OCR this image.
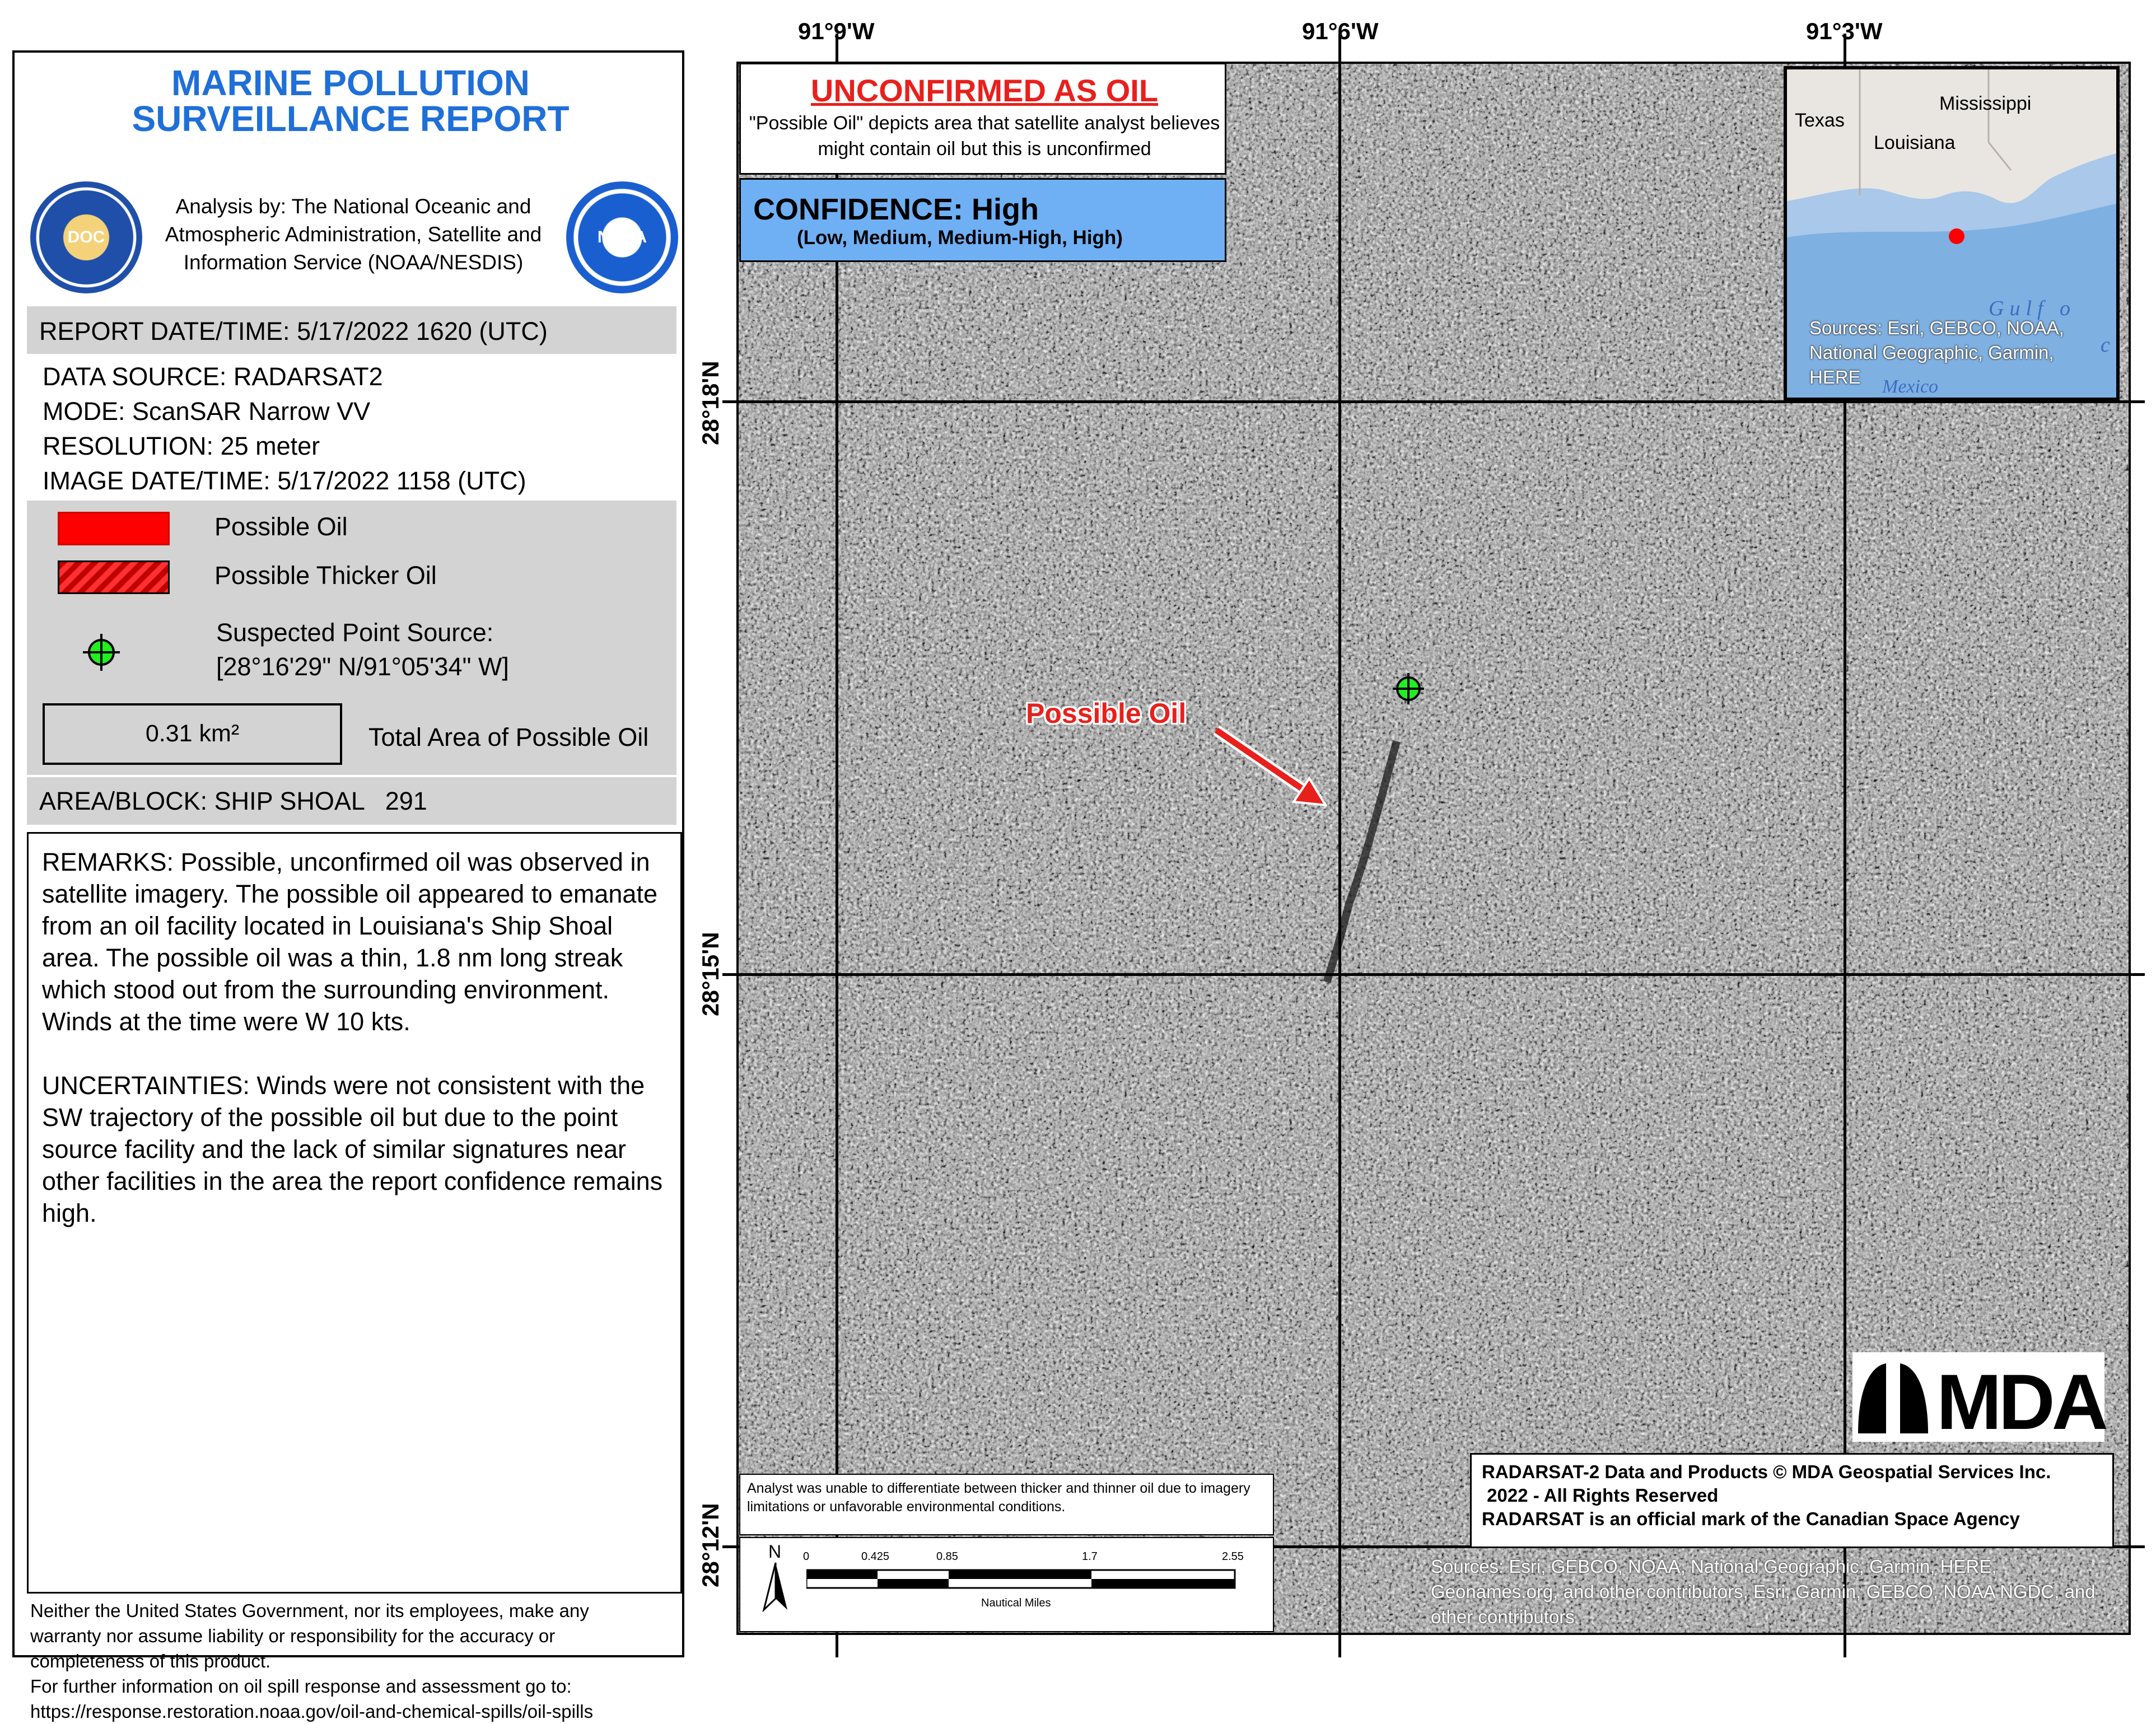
MARINE POLLUTION
SURVEILLANCE REPORT
DOC
Analysis by: The National Oceanic and Atmospheric Administration, Satellite and Information Service (NOAA/NESDIS)
NOAA
REPORT DATE/TIME: 5/17/2022 1620 (UTC)
DATA SOURCE: RADARSAT2
MODE: ScanSAR Narrow VV
RESOLUTION: 25 meter
IMAGE DATE/TIME: 5/17/2022 1158 (UTC)
Possible Oil
Possible Thicker Oil
Suspected Point Source:
[28°16'29" N/91°05'34" W]
0.31 km²	Total Area of Possible Oil
AREA/BLOCK: SHIP SHOAL   291

REMARKS: Possible, unconfirmed oil was observed in satellite imagery. The possible oil appeared to emanate from an oil facility located in Louisiana's Ship Shoal area. The possible oil was a thin, 1.8 nm long streak which stood out from the surrounding environment. Winds at the time were W 10 kts.

UNCERTAINTIES: Winds were not consistent with the SW trajectory of the possible oil but due to the point source facility and the lack of similar signatures near other facilities in the area the report confidence remains high.

Neither the United States Government, nor its employees, make any
warranty nor assume liability or responsibility for the accuracy or
completeness of this product.
For further information on oil spill response and assessment go to:
https://response.restoration.noaa.gov/oil-and-chemical-spills/oil-spills
91°9'W	91°6'W	91°3'W
28°18'N
28°15'N
28°12'N
UNCONFIRMED AS OIL
"Possible Oil" depicts area that satellite analyst believes might contain oil but this is unconfirmed
CONFIDENCE: High
(Low, Medium, Medium-High, High)
Texas
Mississippi
Louisiana
Gulf o
c
Mexico
Sources: Esri, GEBCO, NOAA, National Geographic, Garmin, HERE
Possible Oil
MDA
RADARSAT-2 Data and Products © MDA Geospatial Services Inc.
2022 - All Rights Reserved
RADARSAT is an official mark of the Canadian Space Agency
Analyst was unable to differentiate between thicker and thinner oil due to imagery limitations or unfavorable environmental conditions.
N 0	0.425	0.85	1.7	2.55
Nautical Miles
Sources: Esri, GEBCO, NOAA, National Geographic, Garmin, HERE, Geonames.org, and other contributors, Esri, Garmin, GEBCO, NOAA NGDC, and other contributors
